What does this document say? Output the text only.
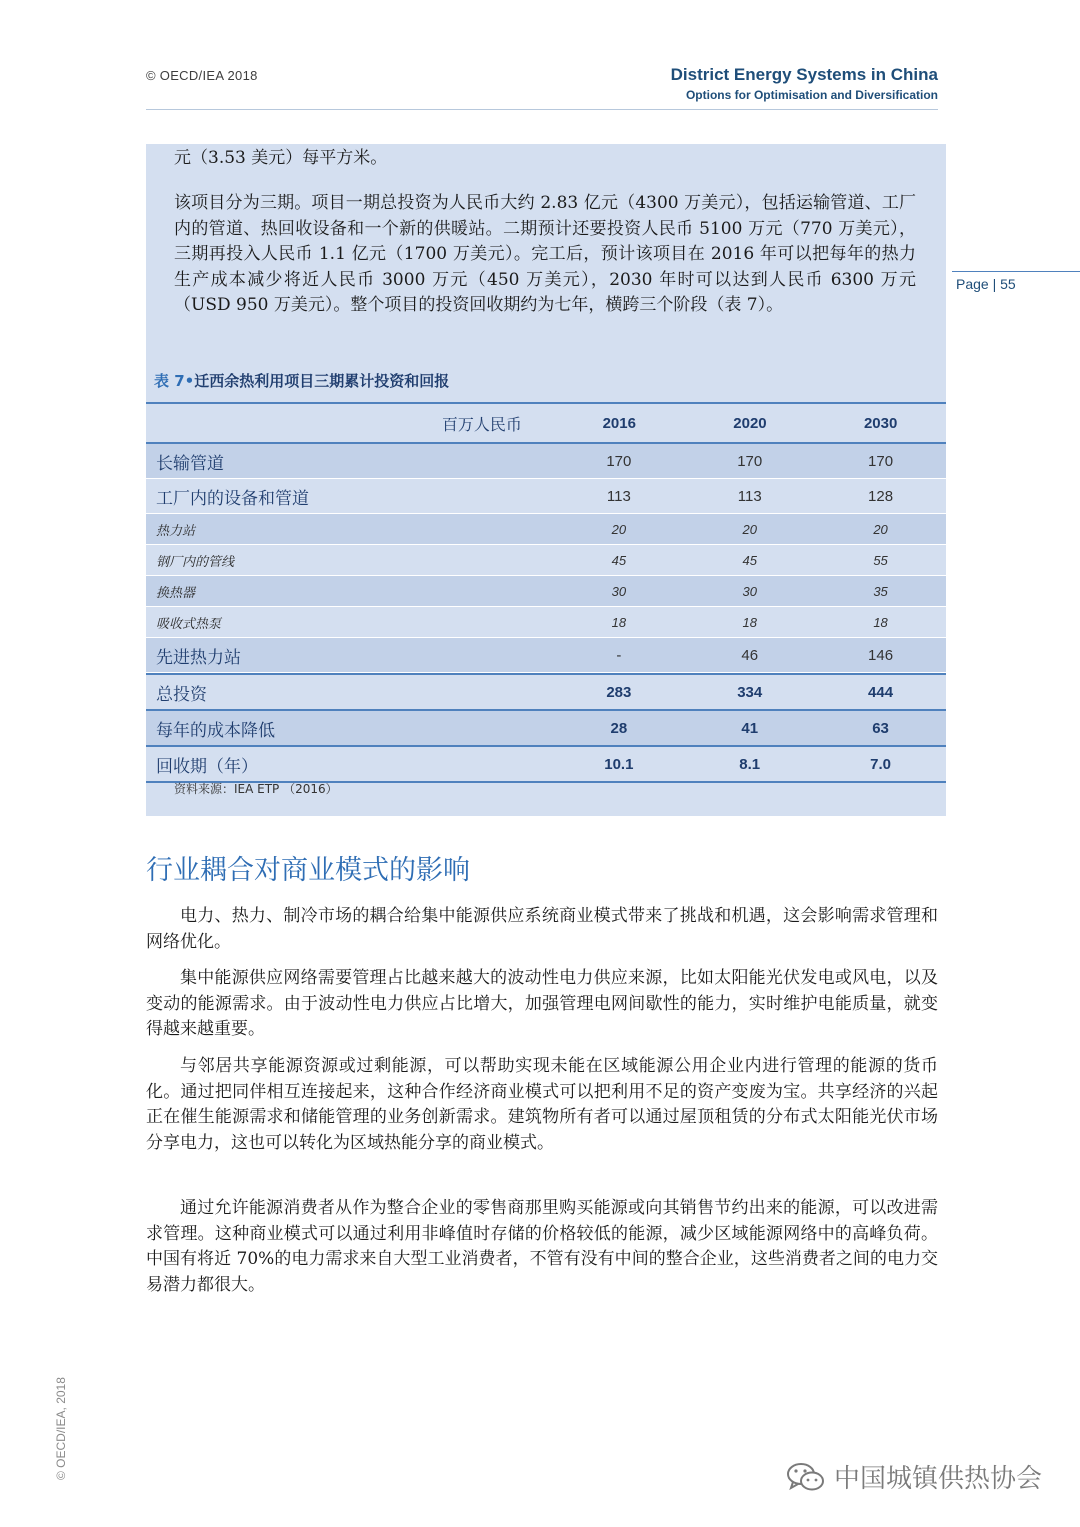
© OECD/IEA 2018	District Energy Systems in China
Options for Optimisation and Diversification
Page | 55

元（3.53 美元）每平方米。

该项目分为三期。项目一期总投资为人民币大约 2.83 亿元（4300 万美元），包括运输管道、工厂内的管道、热回收设备和一个新的供暖站。二期预计还要投资人民币 5100 万元（770 万美元），三期再投入人民币 1.1 亿元（1700 万美元）。完工后，预计该项目在 2016 年可以把每年的热力生产成本减少将近人民币 3000 万元（450 万美元），2030 年时可以达到人民币 6300 万元（USD 950 万美元）。整个项目的投资回收期约为七年，横跨三个阶段（表 7）。

表 7•迁西余热利用项目三期累计投资和回报
百万人民币	2016	2020	2030
长输管道	170	170	170
工厂内的设备和管道	113	113	128
热力站	20	20	20
钢厂内的管线	45	45	55
换热器	30	30	35
吸收式热泵	18	18	18
先进热力站	-	46	146
总投资	283	334	444
每年的成本降低	28	41	63
回收期（年）	10.1	8.1	7.0
资料来源：IEA ETP （2016）
行业耦合对商业模式的影响

电力、热力、制冷市场的耦合给集中能源供应系统商业模式带来了挑战和机遇，这会影响需求管理和网络优化。

集中能源供应网络需要管理占比越来越大的波动性电力供应来源，比如太阳能光伏发电或风电，以及变动的能源需求。由于波动性电力供应占比增大，加强管理电网间歇性的能力，实时维护电能质量，就变得越来越重要。

与邻居共享能源资源或过剩能源，可以帮助实现未能在区域能源公用企业内进行管理的能源的货币化。通过把同伴相互连接起来，这种合作经济商业模式可以把利用不足的资产变废为宝。共享经济的兴起正在催生能源需求和储能管理的业务创新需求。建筑物所有者可以通过屋顶租赁的分布式太阳能光伏市场分享电力，这也可以转化为区域热能分享的商业模式。

通过允许能源消费者从作为整合企业的零售商那里购买能源或向其销售节约出来的能源，可以改进需求管理。这种商业模式可以通过利用非峰值时存储的价格较低的能源，减少区域能源网络中的高峰负荷。中国有将近 70%的电力需求来自大型工业消费者，不管有没有中间的整合企业，这些消费者之间的电力交易潜力都很大。

© OECD/IEA, 2018	中国城镇供热协会
